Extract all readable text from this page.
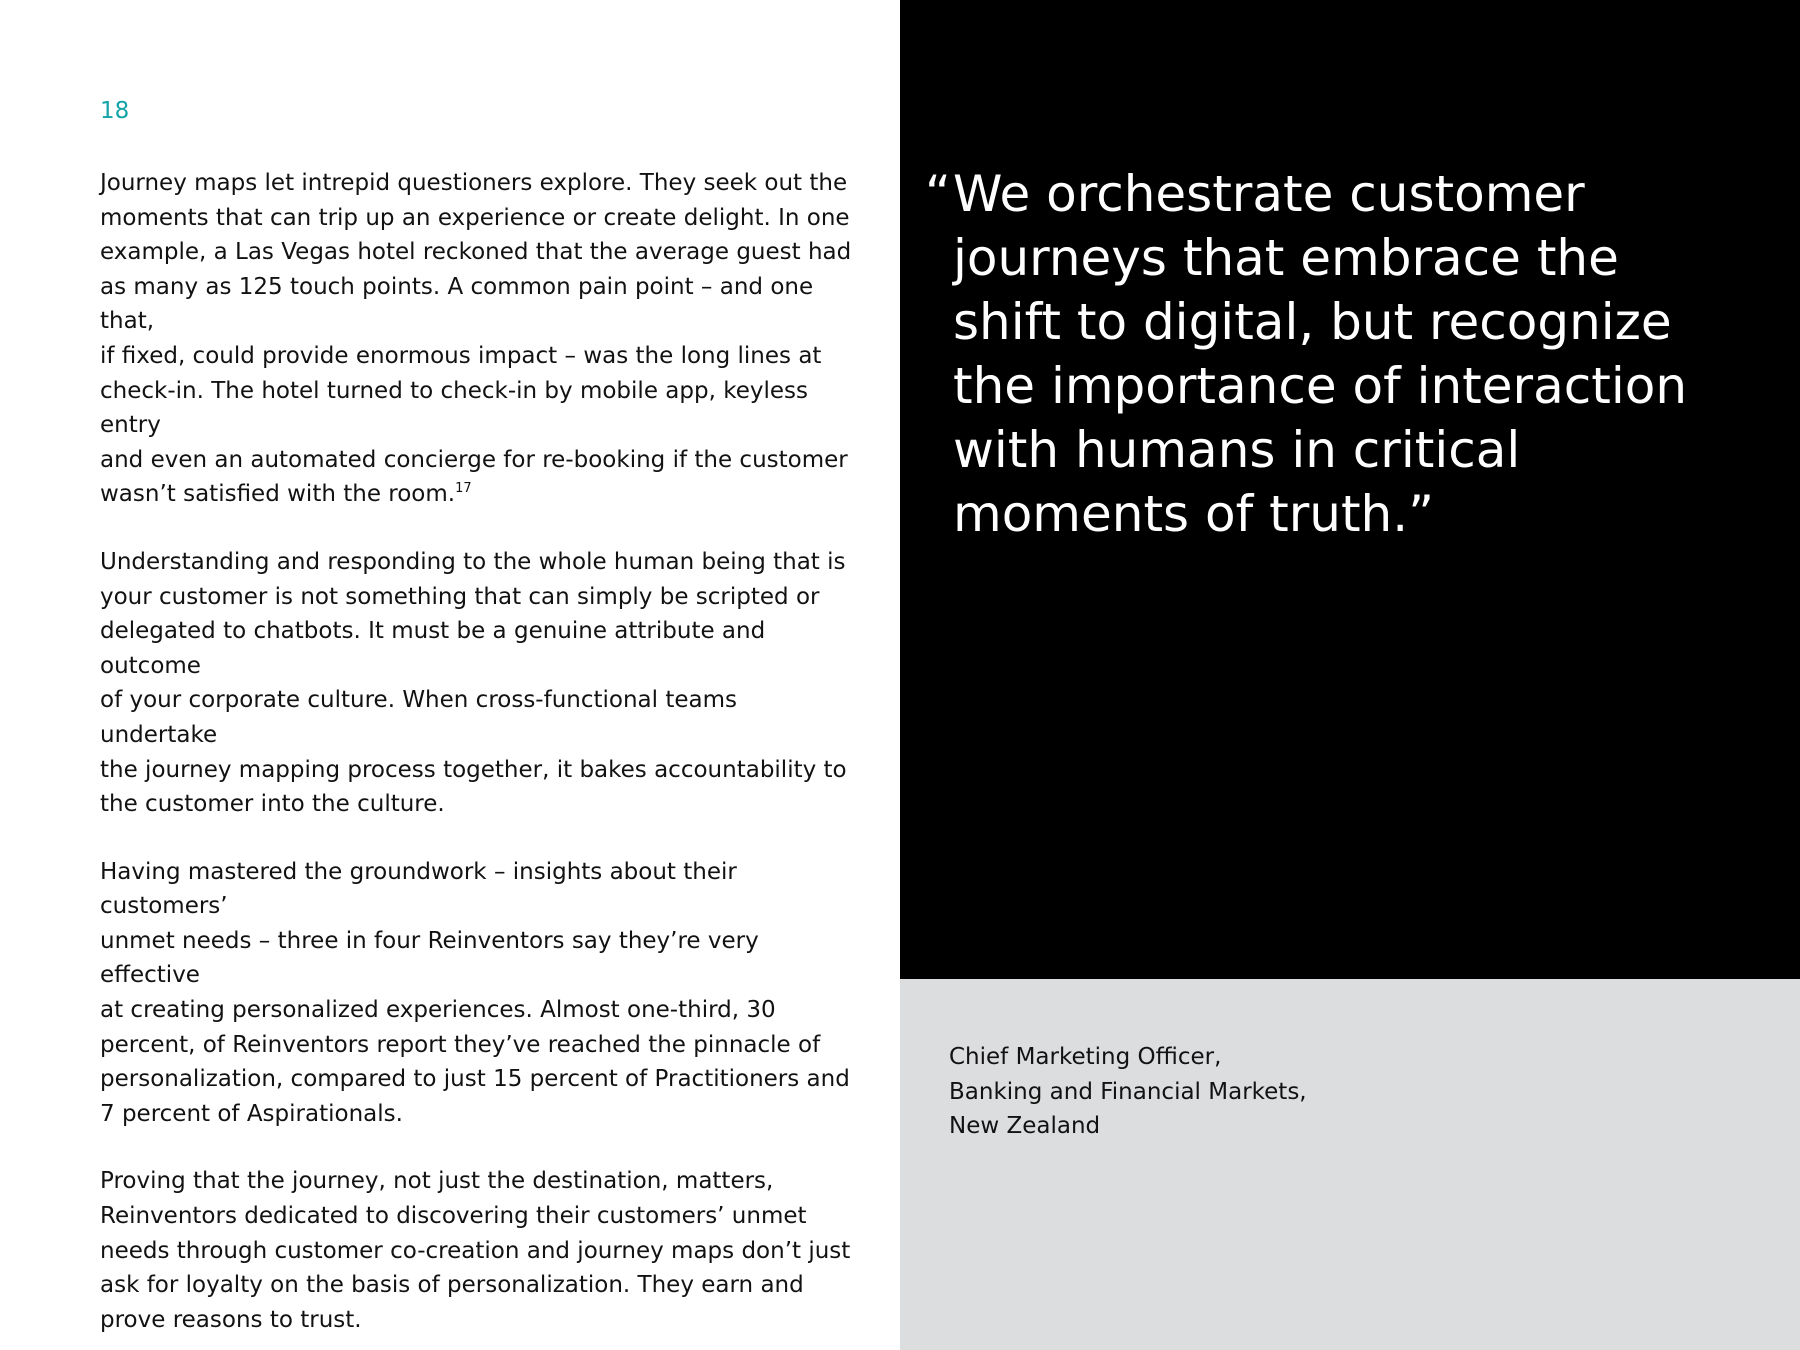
18

Journey maps let intrepid questioners explore. They seek out the
moments that can trip up an experience or create delight. In one
example, a Las Vegas hotel reckoned that the average guest had
as many as 125 touch points. A common pain point – and one that,
if fixed, could provide enormous impact – was the long lines at
check-in. The hotel turned to check-in by mobile app, keyless entry
and even an automated concierge for re-booking if the customer
wasn’t satisfied with the room.$^{17}$

Understanding and responding to the whole human being that is
your customer is not something that can simply be scripted or
delegated to chatbots. It must be a genuine attribute and outcome
of your corporate culture. When cross-functional teams undertake
the journey mapping process together, it bakes accountability to
the customer into the culture.

Having mastered the groundwork – insights about their customers’
unmet needs – three in four Reinventors say they’re very effective
at creating personalized experiences. Almost one-third, 30
percent, of Reinventors report they’ve reached the pinnacle of
personalization, compared to just 15 percent of Practitioners and
7 percent of Aspirationals.

Proving that the journey, not just the destination, matters,
Reinventors dedicated to discovering their customers’ unmet
needs through customer co-creation and journey maps don’t just
ask for loyalty on the basis of personalization. They earn and
prove reasons to trust.

“ We orchestrate customer
journeys that embrace the
shift to digital, but recognize
the importance of interaction
with humans in critical
moments of truth.”
Chief Marketing Officer,
Banking and Financial Markets,
New Zealand
